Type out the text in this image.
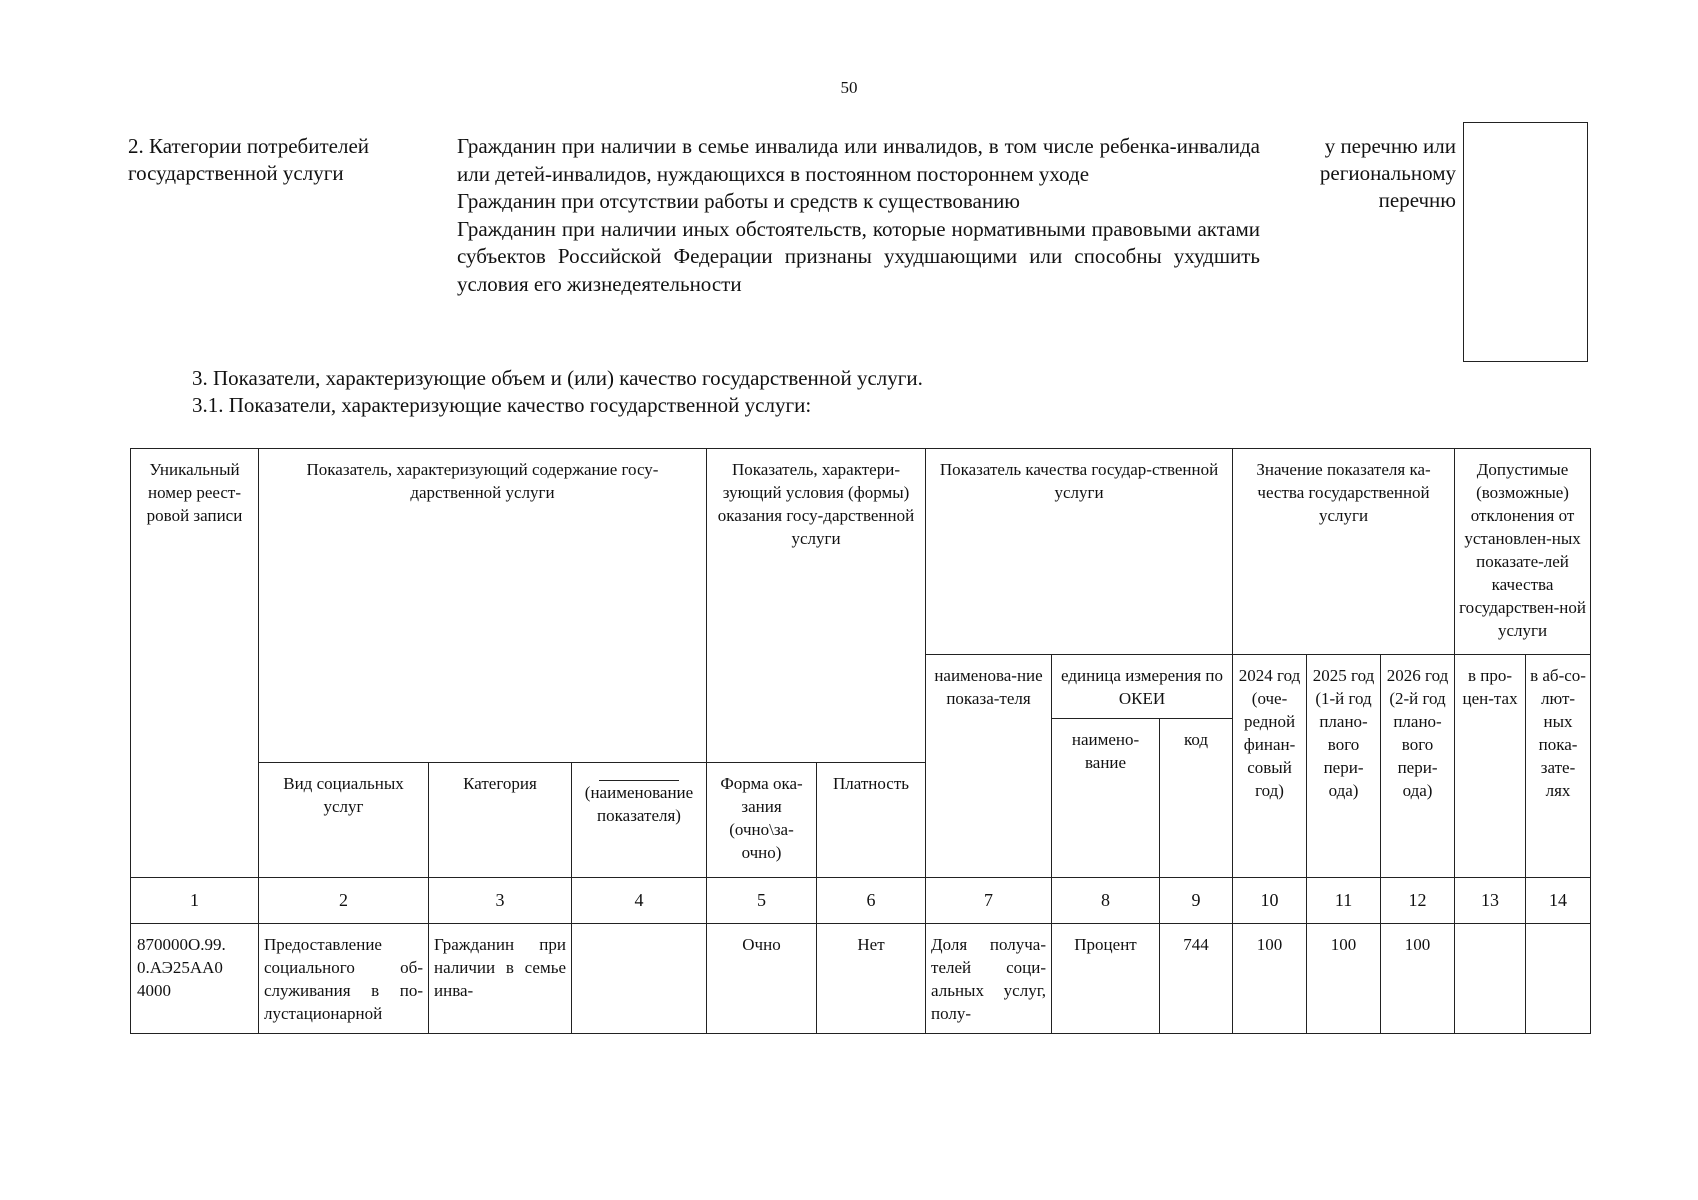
50
2. Категории потребителей государственной услуги

Гражданин при наличии в семье инвалида или инвалидов, в том числе ребенка-инвалида или детей-инвалидов, нуждающихся в постоянном постороннем уходе

Гражданин при отсутствии работы и средств к существованию

Гражданин при наличии иных обстоятельств, которые нормативными правовыми актами субъектов Российской Федерации признаны ухудшающими или способны ухудшить условия его жизнедеятельности

у перечню или региональному перечню
3. Показатели, характеризующие объем и (или) качество государственной услуги.
3.1. Показатели, характеризующие качество государственной услуги:
Уникальный номер реест-ровой записи	Показатель, характеризующий содержание госу-дарственной услуги			Показатель, характери-зующий условия (формы) оказания госу-дарственной услуги		Показатель качества государ-ственной услуги			Значение показателя ка-чества государственной услуги			Допустимые (возможные) отклонения от установлен-ных показате-лей качества государствен-ной услуги	
						наименова-ние показа-теля	единица измерения по ОКЕИ		2024 год (оче-редной финан-совый год)	2025 год (1-й год плано-вого пери-ода)	2026 год (2-й год плано-вого пери-ода)	в про-цен-тах	в аб-со-лют-ных пока-зате-лях
							наимено-вание	код					
	Вид социальных услуг	Категория	(наименование показателя)	Форма ока-зания (очно\за-очно)	Платность								
1	2	3	4	5	6	7	8	9	10	11	12	13	14
870000О.99. 0.АЭ25АА0 4000	Предоставление социального об-служивания в по-лустационарной	Гражданин при наличии в семье инва-		Очно	Нет	Доля получа-телей соци-альных услуг, полу-	Процент	744	100	100	100		
